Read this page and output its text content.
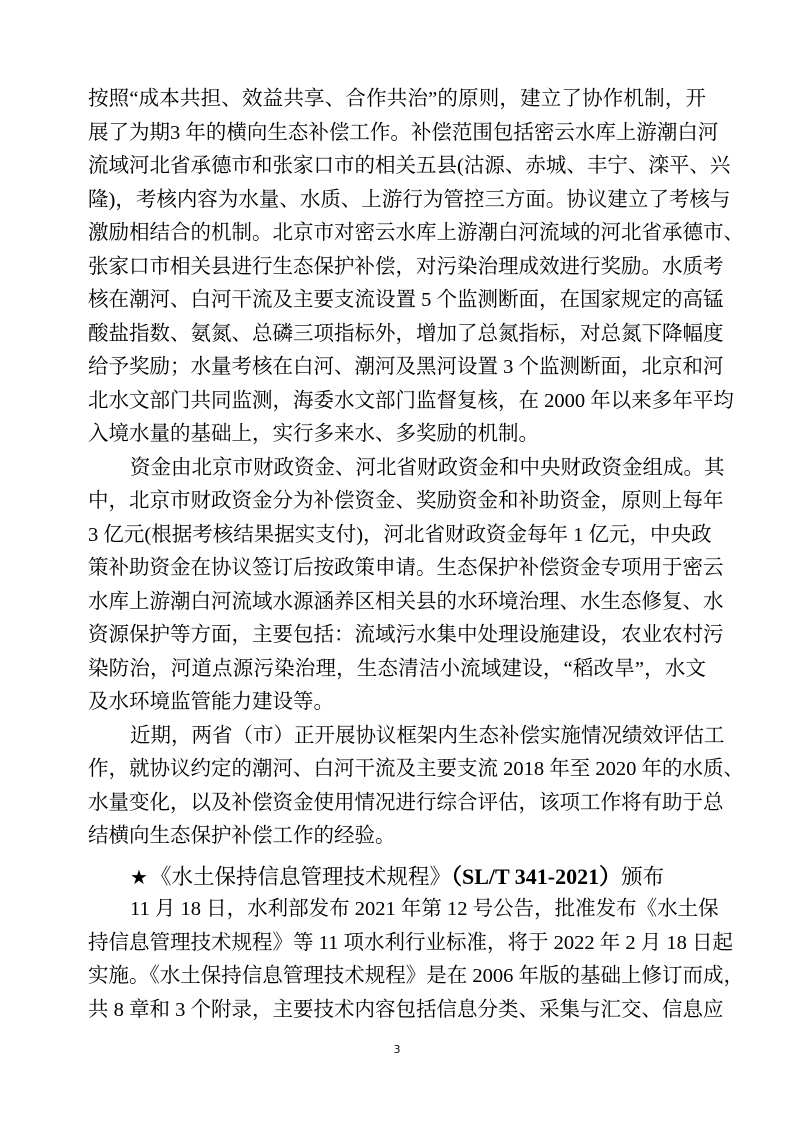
按照“成本共担、效益共享、合作共治”的原则，建立了协作机制，开
展了为期3 年的横向生态补偿工作。补偿范围包括密云水库上游潮白河
流域河北省承德市和张家口市的相关五县(沽源、赤城、丰宁、滦平、兴
隆)，考核内容为水量、水质、上游行为管控三方面。协议建立了考核与
激励相结合的机制。北京市对密云水库上游潮白河流域的河北省承德市、
张家口市相关县进行生态保护补偿，对污染治理成效进行奖励。水质考
核在潮河、白河干流及主要支流设置 5 个监测断面，在国家规定的高锰
酸盐指数、氨氮、总磷三项指标外，增加了总氮指标，对总氮下降幅度
给予奖励；水量考核在白河、潮河及黑河设置 3 个监测断面，北京和河
北水文部门共同监测，海委水文部门监督复核，在 2000 年以来多年平均
入境水量的基础上，实行多来水、多奖励的机制。
资金由北京市财政资金、河北省财政资金和中央财政资金组成。其
中，北京市财政资金分为补偿资金、奖励资金和补助资金，原则上每年
3 亿元(根据考核结果据实支付)，河北省财政资金每年 1 亿元，中央政
策补助资金在协议签订后按政策申请。生态保护补偿资金专项用于密云
水库上游潮白河流域水源涵养区相关县的水环境治理、水生态修复、水
资源保护等方面，主要包括：流域污水集中处理设施建设，农业农村污
染防治，河道点源污染治理，生态清洁小流域建设，“稻改旱”，水文
及水环境监管能力建设等。
近期，两省（市）正开展协议框架内生态补偿实施情况绩效评估工
作，就协议约定的潮河、白河干流及主要支流 2018 年至 2020 年的水质、
水量变化，以及补偿资金使用情况进行综合评估，该项工作将有助于总
结横向生态保护补偿工作的经验。
★《水土保持信息管理技术规程》（SL/T 341-2021）颁布
11 月 18 日，水利部发布 2021 年第 12 号公告，批准发布《水土保
持信息管理技术规程》等 11 项水利行业标准，将于 2022 年 2 月 18 日起
实施。《水土保持信息管理技术规程》是在 2006 年版的基础上修订而成，
共 8 章和 3 个附录，主要技术内容包括信息分类、采集与汇交、信息应
3
